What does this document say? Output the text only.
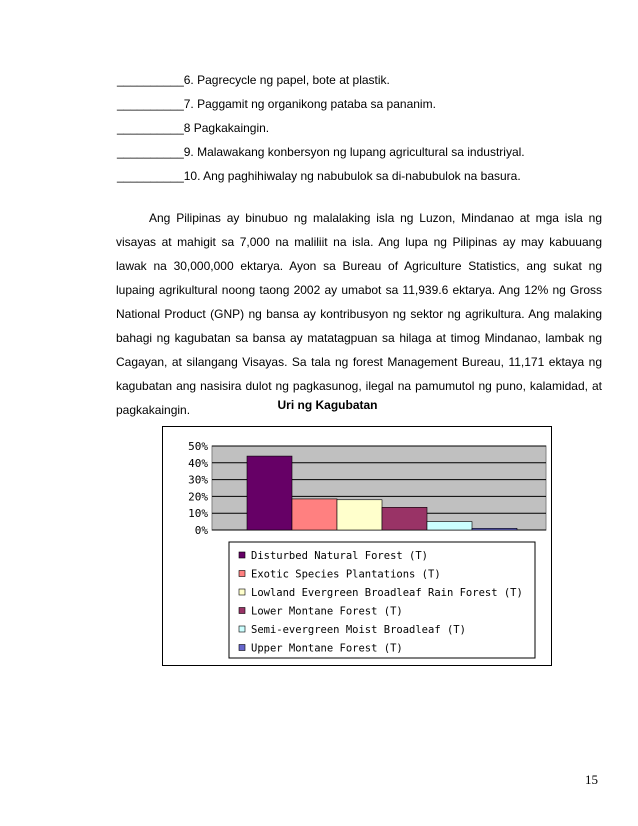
__________6. Pagrecycle ng papel, bote at plastik.
__________7. Paggamit ng organikong pataba sa pananim.
__________8 Pagkakaingin.
__________9. Malawakang konbersyon ng lupang agricultural sa industriyal.
__________10. Ang paghihiwalay ng nabubulok sa di-nabubulok na basura.

Ang Pilipinas ay binubuo ng malalaking isla ng Luzon, Mindanao at mga isla ng visayas at mahigit sa 7,000 na maliliit na isla. Ang lupa ng Pilipinas ay may kabuuang lawak na 30,000,000 ektarya. Ayon sa Bureau of Agriculture Statistics, ang sukat ng lupaing agrikultural noong taong 2002 ay umabot sa 11,939.6 ektarya. Ang 12% ng Gross National Product (GNP) ng bansa ay kontribusyon ng sektor ng agrikultura. Ang malaking bahagi ng kagubatan sa bansa ay matatagpuan sa hilaga at timog Mindanao, lambak ng Cagayan, at silangang Visayas. Sa tala ng forest Management Bureau, 11,171 ektaya ng kagubatan ang nasisira dulot ng pagkasunog, ilegal na pamumutol ng puno, kalamidad, at pagkakaingin.	Uri ng Kagubatan
0%
10%
20%
30%
40%
50%
Disturbed Natural Forest (T)
Exotic Species Plantations (T)
Lowland Evergreen Broadleaf Rain Forest (T)
Lower Montane Forest (T)
Semi-evergreen Moist Broadleaf (T)
Upper Montane Forest (T)
15
